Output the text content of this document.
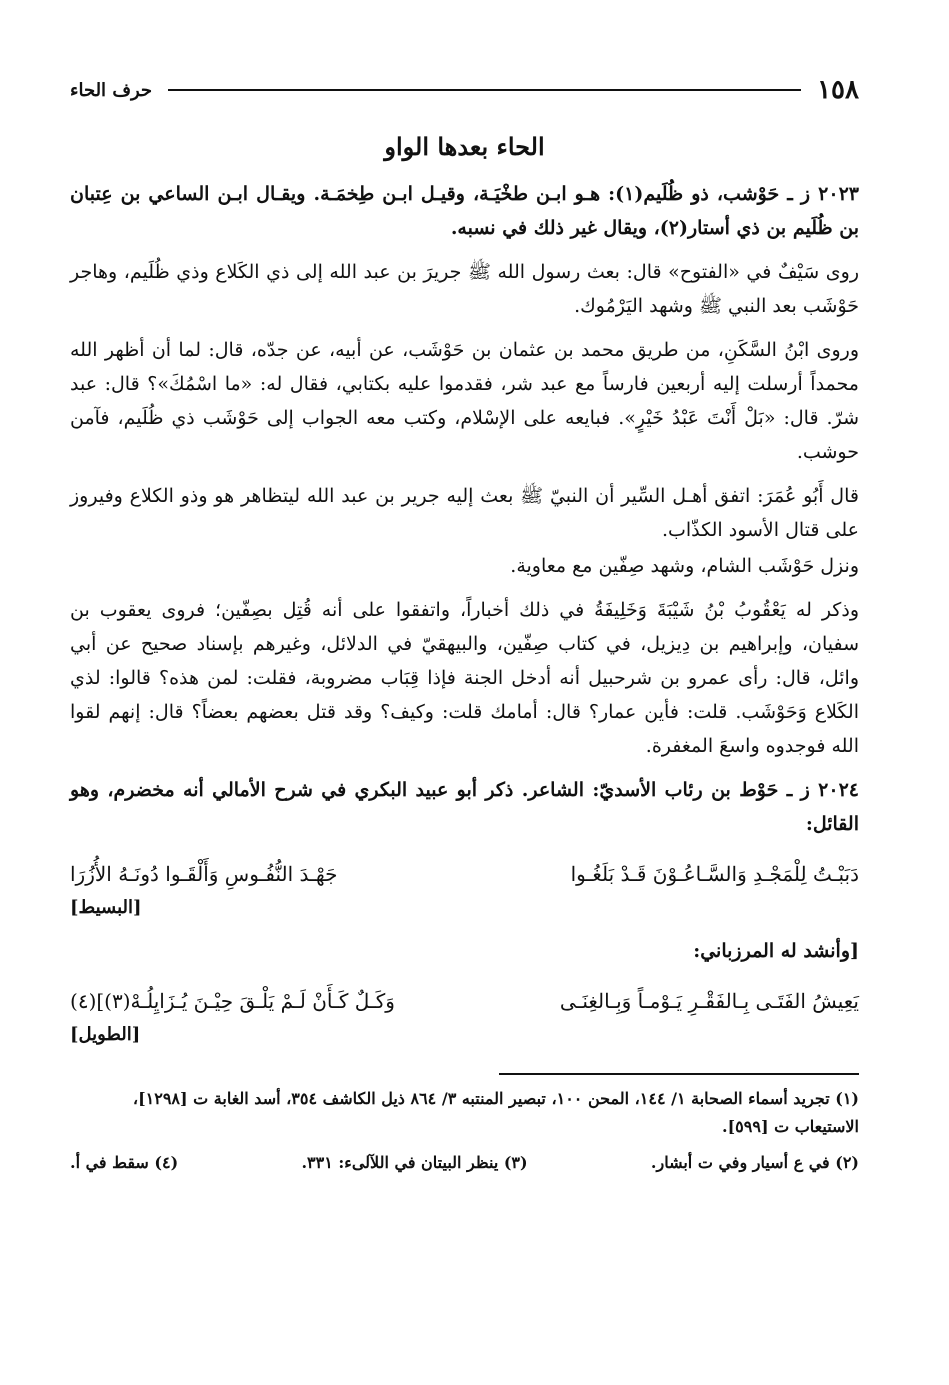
١٥٨
حرف الحاء
الحاء بعدها الواو

٢٠٢٣ ز ـ حَوْشب، ذو ظُلَيم(١): هـو ابـن طخْيَـة، وقيـل ابـن طِخمَـة. ويقـال ابـن الساعي بن عِتبان بن ظُلَيم بن ذي أستار(٢)، ويقال غير ذلك في نسبه.

روى سَيْفٌ في «الفتوح» قال: بعث رسول الله ﷺ جريرَ بن عبد الله إلى ذي الكَلاع وذي ظُلَيم، وهاجر حَوْشَب بعد النبي ﷺ وشهد اليَرْمُوك.

وروى ابْنُ السَّكَنِ، من طريق محمد بن عثمان بن حَوْشَب، عن أبيه، عن جدّه، قال: لما أن أظهر الله محمداً أرسلت إليه أربعين فارساً مع عبد شر، فقدموا عليه بكتابي، فقال له: «ما اسْمُكَ»؟ قال: عبد شرّ. قال: «بَلْ أَنْتَ عَبْدُ خَيْرٍ». فبايعه على الإسْلام، وكتب معه الجواب إلى حَوْشَب ذي ظُلَيم، فآمن حوشب.

قال أَبُو عُمَرَ: اتفق أهـل السِّير أن النبيّ ﷺ بعث إليه جرير بن عبد الله ليتظاهر هو وذو الكلاع وفيروز على قتال الأسود الكذّاب.

ونزل حَوْشَب الشام، وشهد صِفّين مع معاوية.

وذكر له يَعْقُوبُ بْنُ شَيْبَةَ وَخَلِيفَةُ في ذلك أخباراً، واتفقوا على أنه قُتِل بصِفّين؛ فروى يعقوب بن سفيان، وإبراهيم بن دِيزيل، في كتاب صِفّين، والبيهقيّ في الدلائل، وغيرهم بإسناد صحيح عن أبي وائل، قال: رأى عمرو بن شرحبيل أنه أدخل الجنة فإذا قِبَاب مضروبة، فقلت: لمن هذه؟ قالوا: لذي الكَلاع وَحَوْشَب. قلت: فأين عمار؟ قال: أمامك قلت: وكيف؟ وقد قتل بعضهم بعضاً؟ قال: إنهم لقوا الله فوجدوه واسعَ المغفرة.

٢٠٢٤ ز ـ حَوْط بن رئاب الأسديّ: الشاعر. ذكر أبو عبيد البكري في شرح الأمالي أنه مخضرم، وهو القائل:

دَبَبْـتُ لِلْمَجْـدِ وَالسَّـاعُـوْنَ قَـدْ بَلَغُـوا
جَهْـدَ النُّفُـوسِ وَأَلْقَـوا دُونَـهُ الأُزُرَا
[البسيط]
[وأنشد له المرزباني:
يَعِيشُ الفَتَـى بِـالفَقْـرِ يَـوْمـاً وَبِـالغِنَـى
وَكَـلٌ كَـأَنْ لَـمْ يَلْـقَ حِيْـنَ يُـزَايِلُـهْ(٣)](٤)
[الطويل]
(١) تجريد أسماء الصحابة ١/ ١٤٤، المحن ١٠٠، تبصير المنتبه ٣/ ٨٦٤ ذيل الكاشف ٣٥٤، أسد الغابة ت [١٢٩٨]، الاستيعاب ت [٥٩٩].
(٢) في ع أسيار وفي ت أبشار.
(٣) ينظر البيتان في اللآلىء: ٣٣١.
(٤) سقط في أ.
